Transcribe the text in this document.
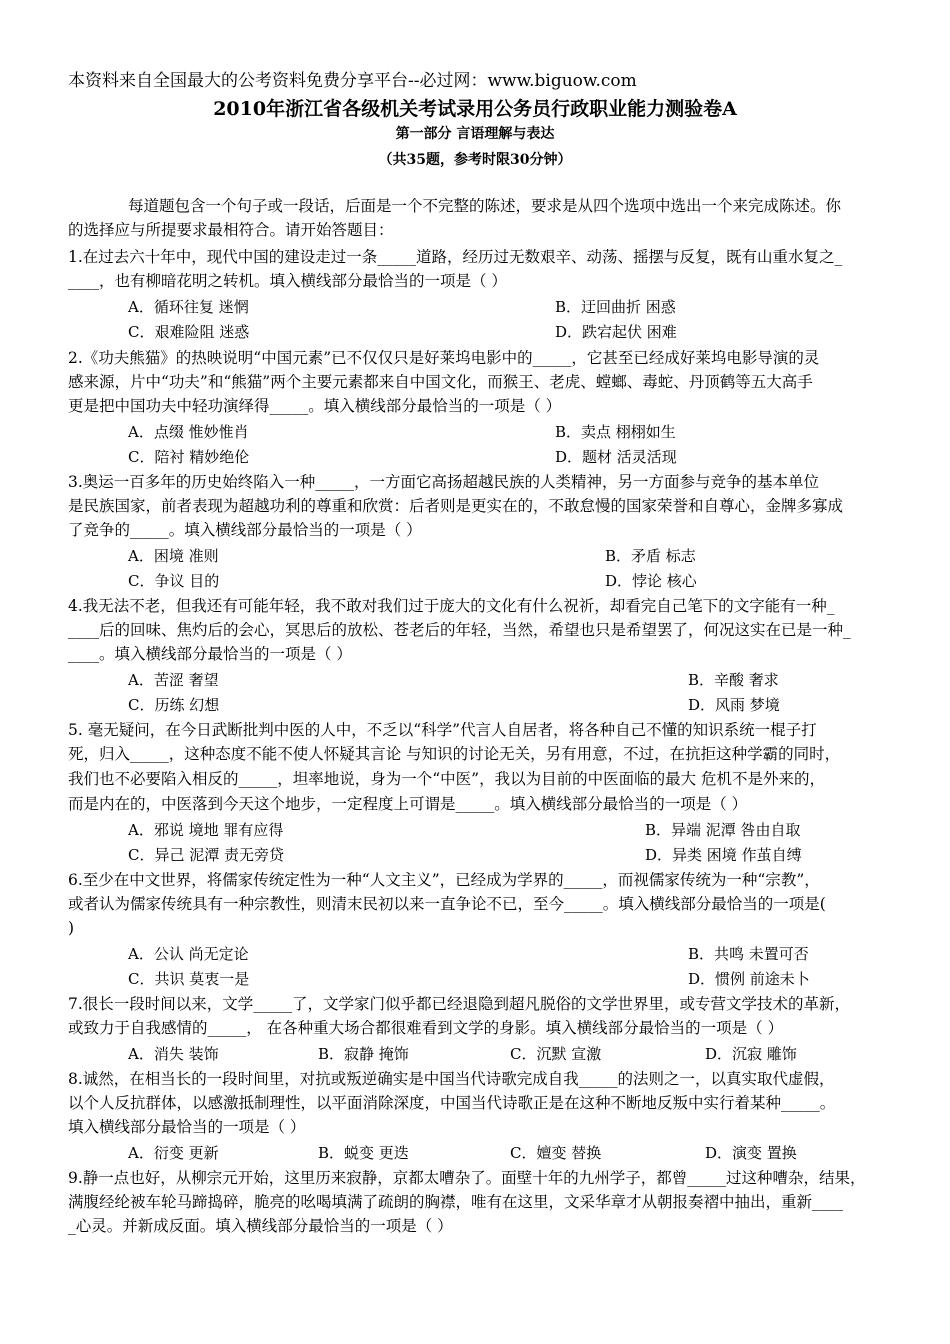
本资料来自全国最大的公考资料免费分享平台--必过网：www.biguow.com
2010年浙江省各级机关考试录用公务员行政职业能力测验卷A
第一部分 言语理解与表达
（共35题，参考时限30分钟）
每道题包含一个句子或一段话，后面是一个不完整的陈述，要求是从四个选项中选出一个来完成陈述。你
的选择应与所提要求最相符合。请开始答题目：
1.在过去六十年中，现代中国的建设走过一条_____道路，经历过无数艰辛、动荡、摇摆与反复，既有山重水复之_
____，也有柳暗花明之转机。填入横线部分最恰当的一项是（ ）
A．循环往复 迷惘	B．迂回曲折 困惑
C．艰难险阻 迷惑	D．跌宕起伏 困难
2.《功夫熊猫》的热映说明“中国元素”已不仅仅只是好莱坞电影中的_____，它甚至已经成好莱坞电影导演的灵
感来源，片中“功夫”和“熊猫”两个主要元素都来自中国文化，而猴王、老虎、螳螂、毒蛇、丹顶鹤等五大高手
更是把中国功夫中轻功演绎得_____。填入横线部分最恰当的一项是（ ）
A．点缀 惟妙惟肖	B．卖点 栩栩如生
C．陪衬 精妙绝伦	D．题材 活灵活现
3.奥运一百多年的历史始终陷入一种_____，一方面它高扬超越民族的人类精神，另一方面参与竞争的基本单位
是民族国家，前者表现为超越功利的尊重和欣赏：后者则是更实在的，不敢怠慢的国家荣誉和自尊心，金牌多寡成
了竞争的_____。填入横线部分最恰当的一项是（ ）
A．困境 准则	B．矛盾 标志
C．争议 目的	D．悖论 核心
4.我无法不老，但我还有可能年轻，我不敢对我们过于庞大的文化有什么祝祈，却看完自己笔下的文字能有一种_
____后的回味、焦灼后的会心，冥思后的放松、苍老后的年轻，当然，希望也只是希望罢了，何况这实在已是一种_
____。填入横线部分最恰当的一项是（ ）
A．苦涩 奢望	B．辛酸 奢求
C．历练 幻想	D．风雨 梦境
5. 毫无疑问，在今日武断批判中医的人中，不乏以“科学”代言人自居者，将各种自己不懂的知识系统一棍子打
死，归入_____，这种态度不能不使人怀疑其言论 与知识的讨论无关，另有用意，不过，在抗拒这种学霸的同时，
我们也不必要陷入相反的_____，坦率地说，身为一个“中医”，我以为目前的中医面临的最大 危机不是外来的，
而是内在的，中医落到今天这个地步，一定程度上可谓是_____。填入横线部分最恰当的一项是（ ）
A．邪说 境地 罪有应得	B．异端 泥潭 咎由自取
C．异己 泥潭 责无旁贷	D．异类 困境 作茧自缚
6.至少在中文世界，将儒家传统定性为一种“人文主义”，已经成为学界的_____，而视儒家传统为一种“宗教”，
或者认为儒家传统具有一种宗教性，则清末民初以来一直争论不已，至今_____。填入横线部分最恰当的一项是(
)
A．公认 尚无定论	B．共鸣 未置可否
C．共识 莫衷一是	D．惯例 前途未卜
7.很长一段时间以来，文学_____了，文学家门似乎都已经退隐到超凡脱俗的文学世界里，或专营文学技术的革新，
或致力于自我感情的_____， 在各种重大场合都很难看到文学的身影。填入横线部分最恰当的一项是（ ）
A．消失 装饰	B．寂静 掩饰	C．沉默 宣激	D．沉寂 雕饰
8.诚然，在相当长的一段时间里，对抗或叛逆确实是中国当代诗歌完成自我_____的法则之一，以真实取代虚假，
以个人反抗群体，以感激抵制理性，以平面消除深度，中国当代诗歌正是在这种不断地反叛中实行着某种_____。
填入横线部分最恰当的一项是（ ）
A．衍变 更新	B．蜕变 更迭	C．嬗变 替换	D．演变 置换
9.静一点也好，从柳宗元开始，这里历来寂静，京都太嘈杂了。面壁十年的九州学子，都曾_____过这种嘈杂，结果，
满腹经纶被车轮马蹄捣碎，脆亮的吆喝填满了疏朗的胸襟，唯有在这里，文采华章才从朝报奏褶中抽出，重新____
_心灵。并新成反面。填入横线部分最恰当的一项是（ ）
